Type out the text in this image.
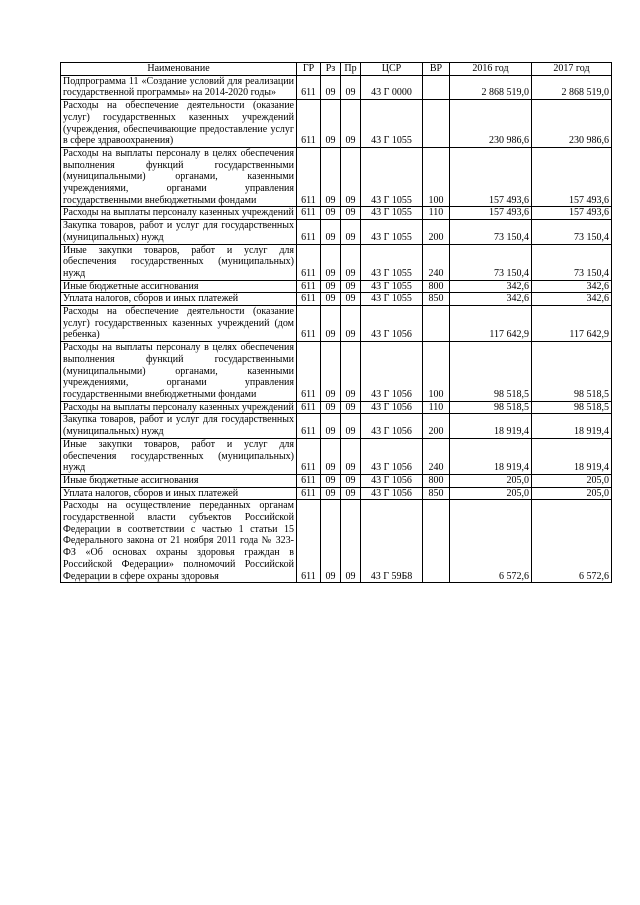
Наименование	ГР	Рз	Пр	ЦСР	ВР	2016 год	2017 год
Подпрограмма 11 «Создание условий для реализации государственной программы» на 2014-2020 годы»	611	09	09	43 Г 0000		2 868 519,0	2 868 519,0
Расходы на обеспечение деятельности (оказание услуг) государственных казенных учреждений (учреждения, обеспечивающие предоставление услуг в сфере здравоохранения)	611	09	09	43 Г 1055		230 986,6	230 986,6
Расходы на выплаты персоналу в целях обеспечения выполнения функций государственными (муниципальными) органами, казенными учреждениями, органами управления государственными внебюджетными фондами	611	09	09	43 Г 1055	100	157 493,6	157 493,6
Расходы на выплаты персоналу казенных учреждений	611	09	09	43 Г 1055	110	157 493,6	157 493,6
Закупка товаров, работ и услуг для государственных (муниципальных) нужд	611	09	09	43 Г 1055	200	73 150,4	73 150,4
Иные закупки товаров, работ и услуг для обеспечения государственных (муниципальных) нужд	611	09	09	43 Г 1055	240	73 150,4	73 150,4
Иные бюджетные ассигнования	611	09	09	43 Г 1055	800	342,6	342,6
Уплата налогов, сборов и иных платежей	611	09	09	43 Г 1055	850	342,6	342,6
Расходы на обеспечение деятельности (оказание услуг) государственных казенных учреждений (дом ребенка)	611	09	09	43 Г 1056		117 642,9	117 642,9
Расходы на выплаты персоналу в целях обеспечения выполнения функций государственными (муниципальными) органами, казенными учреждениями, органами управления государственными внебюджетными фондами	611	09	09	43 Г 1056	100	98 518,5	98 518,5
Расходы на выплаты персоналу казенных учреждений	611	09	09	43 Г 1056	110	98 518,5	98 518,5
Закупка товаров, работ и услуг для государственных (муниципальных) нужд	611	09	09	43 Г 1056	200	18 919,4	18 919,4
Иные закупки товаров, работ и услуг для обеспечения государственных (муниципальных) нужд	611	09	09	43 Г 1056	240	18 919,4	18 919,4
Иные бюджетные ассигнования	611	09	09	43 Г 1056	800	205,0	205,0
Уплата налогов, сборов и иных платежей	611	09	09	43 Г 1056	850	205,0	205,0
Расходы на осуществление переданных органам государственной власти субъектов Российской Федерации в соответствии с частью 1 статьи 15 Федерального закона от 21 ноября 2011 года № 323-ФЗ «Об основах охраны здоровья граждан в Российской Федерации» полномочий Российской Федерации в сфере охраны здоровья	611	09	09	43 Г 59Б8		6 572,6	6 572,6
